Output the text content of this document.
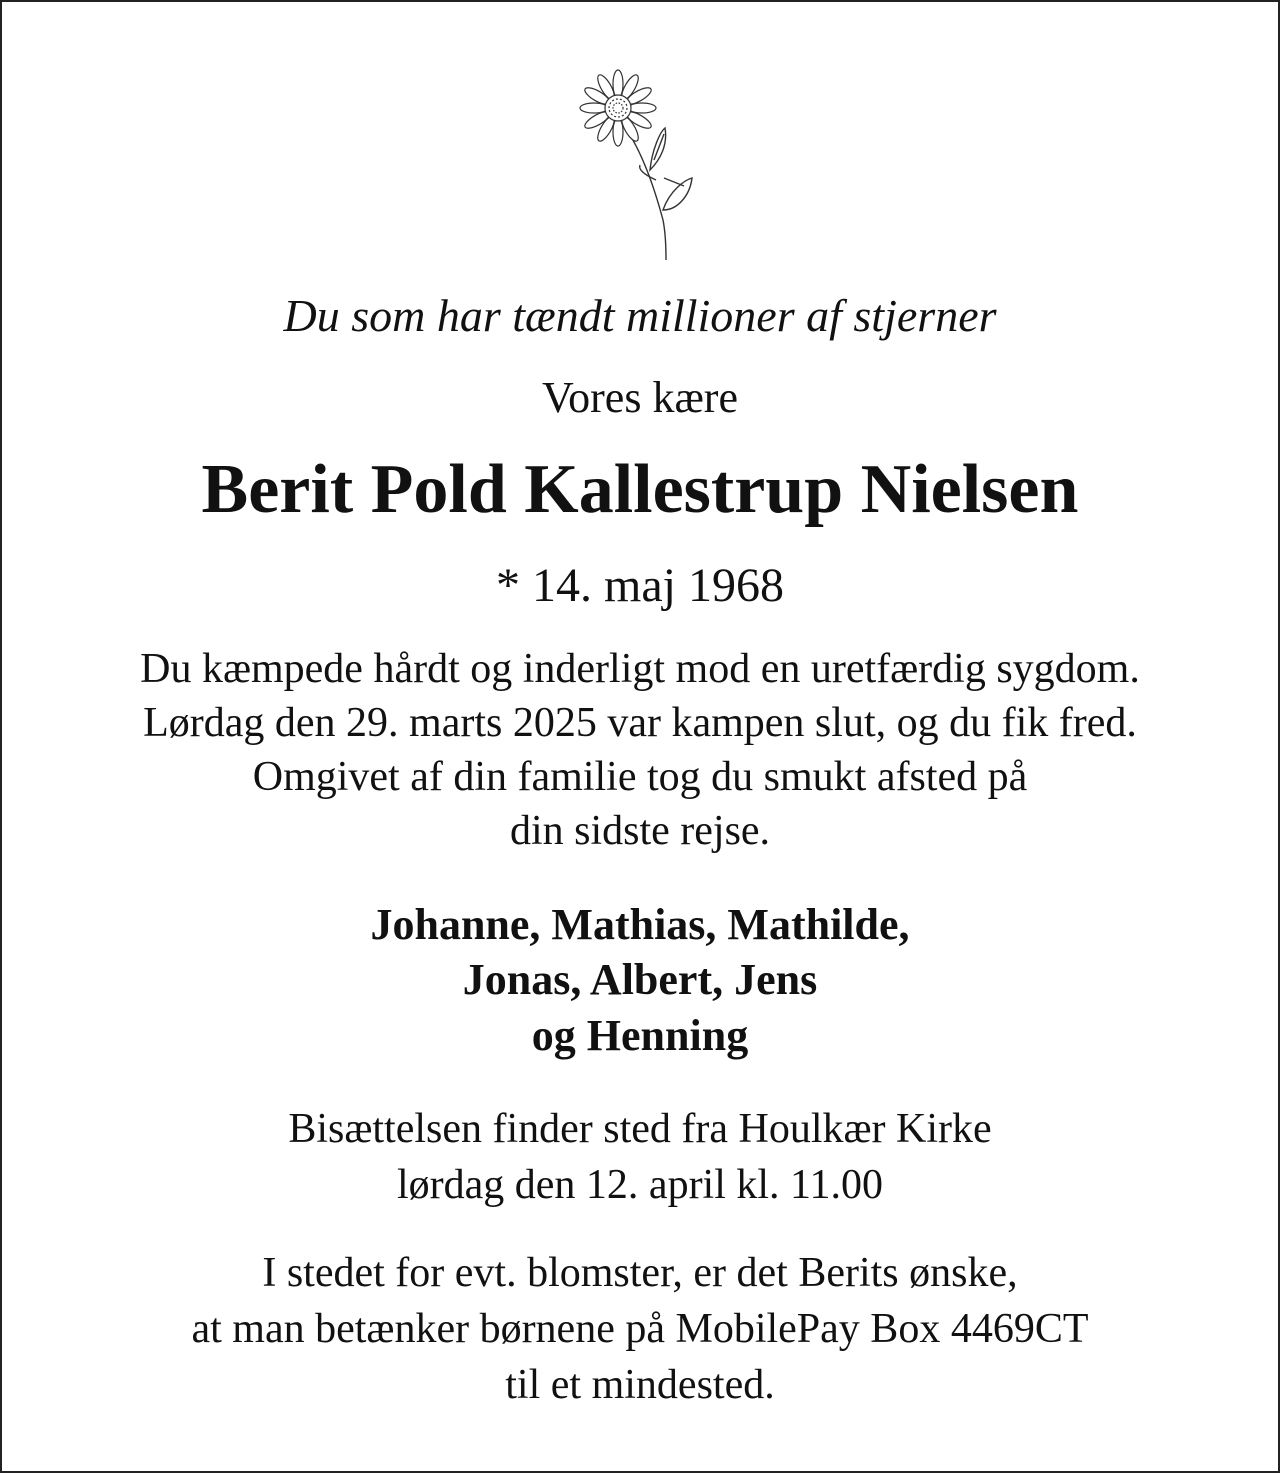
Du som har tændt millioner af stjerner
Vores kære
Berit Pold Kallestrup Nielsen
* 14. maj 1968
Du kæmpede hårdt og inderligt mod en uretfærdig sygdom.
Lørdag den 29. marts 2025 var kampen slut, og du fik fred.
Omgivet af din familie tog du smukt afsted på
din sidste rejse.
Johanne, Mathias, Mathilde,
Jonas, Albert, Jens
og Henning
Bisættelsen finder sted fra Houlkær Kirke
lørdag den 12. april kl. 11.00
I stedet for evt. blomster, er det Berits ønske,
at man betænker børnene på MobilePay Box 4469CT
til et mindested.
